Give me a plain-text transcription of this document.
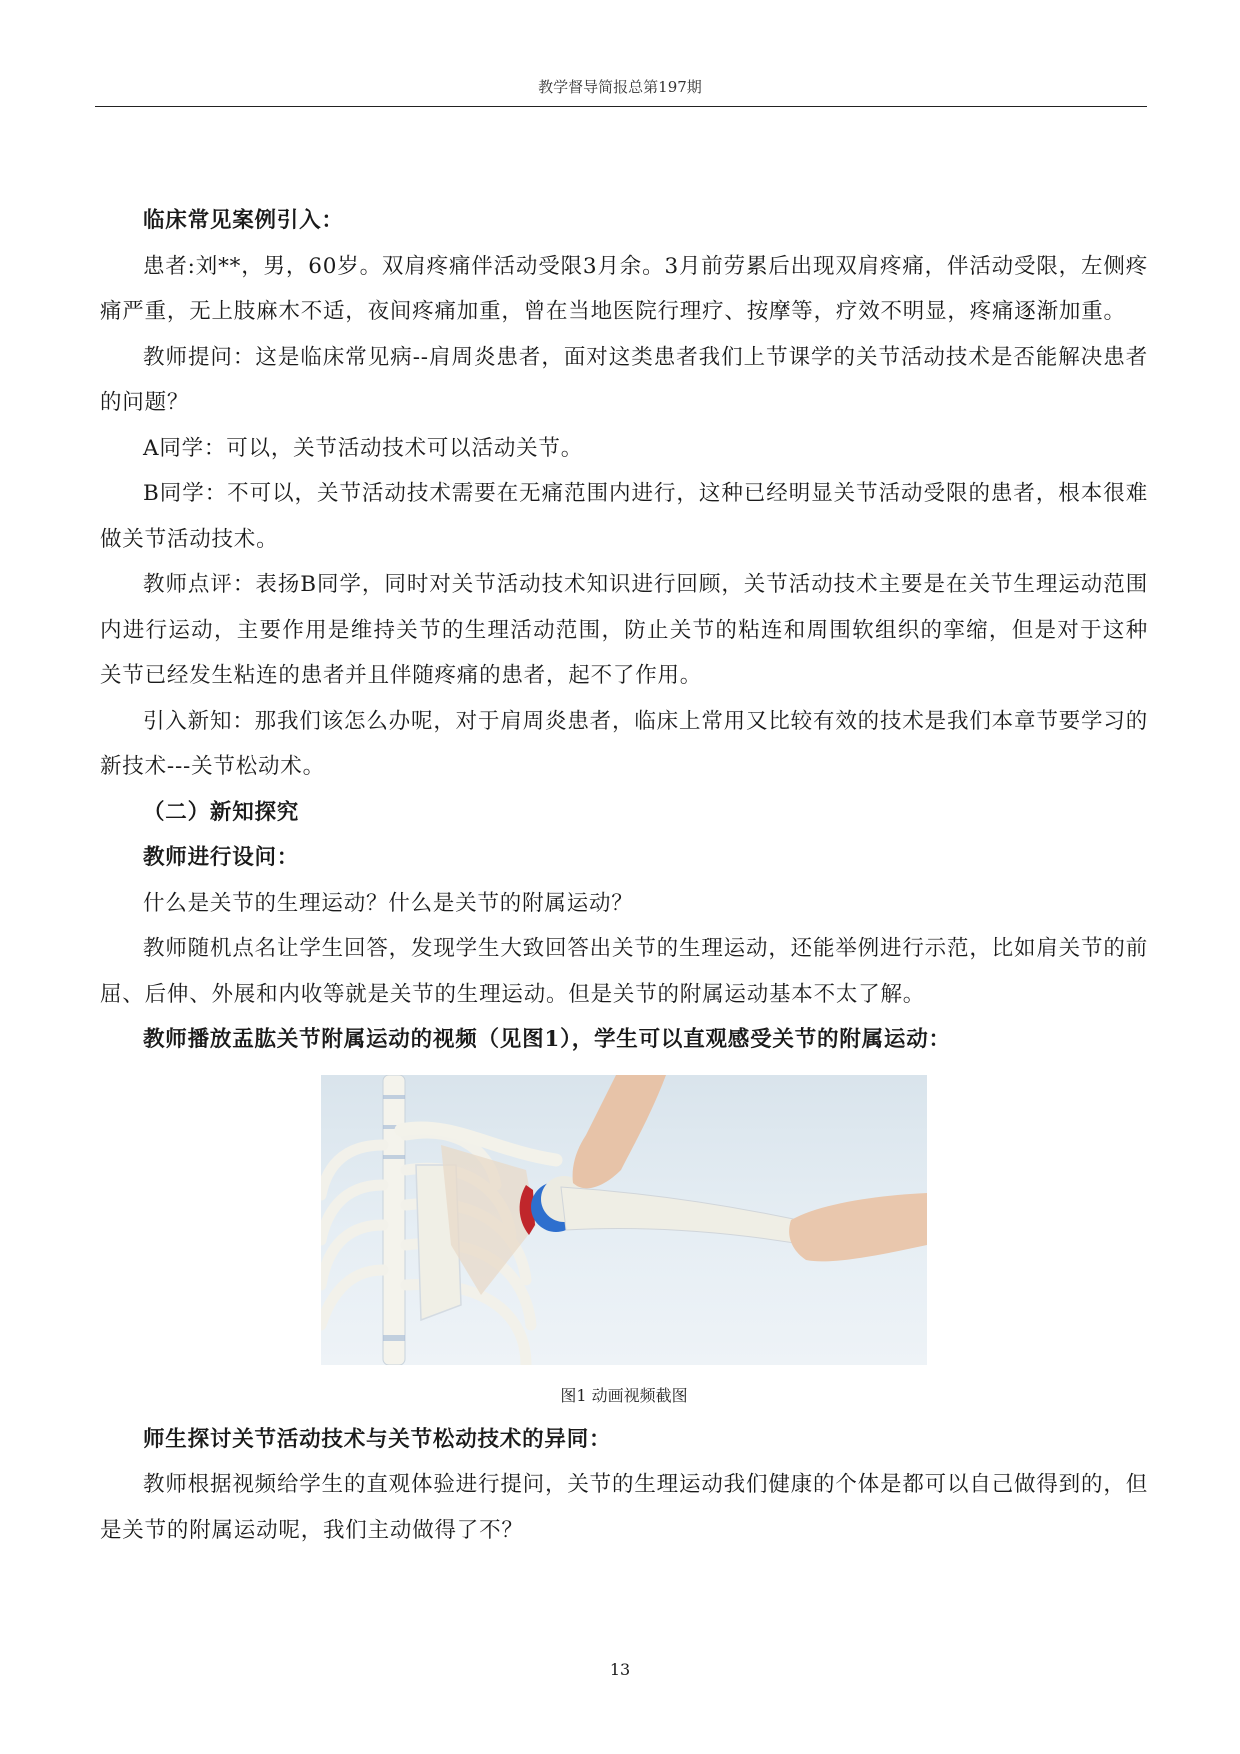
教学督导简报总第197期

临床常见案例引入：

患者:刘**，男，60岁。双肩疼痛伴活动受限3月余。3月前劳累后出现双肩疼痛，伴活动受限，左侧疼痛严重，无上肢麻木不适，夜间疼痛加重，曾在当地医院行理疗、按摩等，疗效不明显，疼痛逐渐加重。

教师提问：这是临床常见病--肩周炎患者，面对这类患者我们上节课学的关节活动技术是否能解决患者的问题？

A同学：可以，关节活动技术可以活动关节。

B同学：不可以，关节活动技术需要在无痛范围内进行，这种已经明显关节活动受限的患者，根本很难做关节活动技术。

教师点评：表扬B同学，同时对关节活动技术知识进行回顾，关节活动技术主要是在关节生理运动范围内进行运动，主要作用是维持关节的生理活动范围，防止关节的粘连和周围软组织的挛缩，但是对于这种关节已经发生粘连的患者并且伴随疼痛的患者，起不了作用。

引入新知：那我们该怎么办呢，对于肩周炎患者，临床上常用又比较有效的技术是我们本章节要学习的新技术---关节松动术。

（二）新知探究

教师进行设问：

什么是关节的生理运动？什么是关节的附属运动？

教师随机点名让学生回答，发现学生大致回答出关节的生理运动，还能举例进行示范，比如肩关节的前屈、后伸、外展和内收等就是关节的生理运动。但是关节的附属运动基本不太了解。

教师播放盂肱关节附属运动的视频（见图1），学生可以直观感受关节的附属运动：

图1 动画视频截图

师生探讨关节活动技术与关节松动技术的异同：

教师根据视频给学生的直观体验进行提问，关节的生理运动我们健康的个体是都可以自己做得到的，但是关节的附属运动呢，我们主动做得了不？

13
